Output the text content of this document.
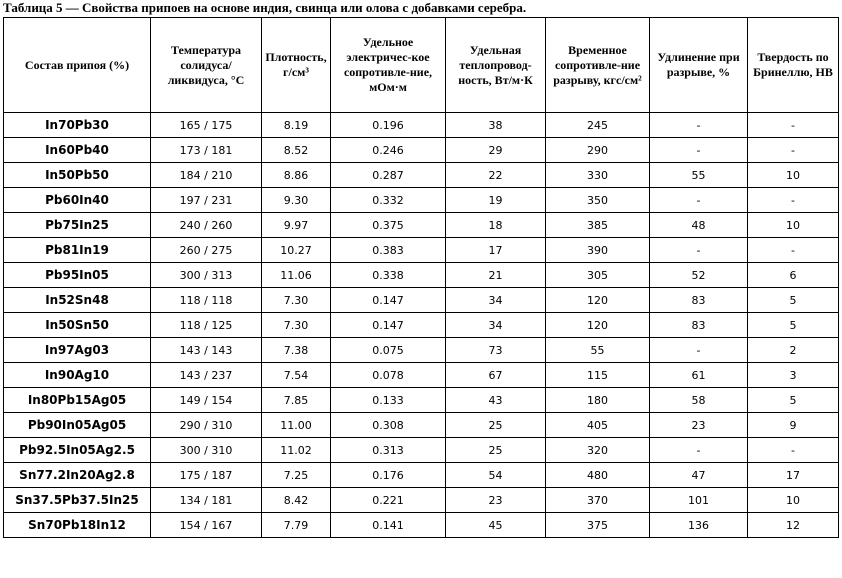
Таблица 5 — Свойства припоев на основе индия, свинца или олова с добавками серебра.
Состав припоя (%)	Температура солидуса/ ликвидуса, °C	Плотность, г/см³	Удельное электричес-кое сопротивле-ние, мОм·м	Удельная теплопровод-ность, Вт/м·К	Временное сопротивле-ние разрыву, кгс/см²	Удлинение при разрыве, %	Твердость по Бринеллю, HB
In70Pb30	165 / 175	8.19	0.196	38	245	-	-
In60Pb40	173 / 181	8.52	0.246	29	290	-	-
In50Pb50	184 / 210	8.86	0.287	22	330	55	10
Pb60In40	197 / 231	9.30	0.332	19	350	-	-
Pb75In25	240 / 260	9.97	0.375	18	385	48	10
Pb81In19	260 / 275	10.27	0.383	17	390	-	-
Pb95In05	300 / 313	11.06	0.338	21	305	52	6
In52Sn48	118 / 118	7.30	0.147	34	120	83	5
In50Sn50	118 / 125	7.30	0.147	34	120	83	5
In97Ag03	143 / 143	7.38	0.075	73	55	-	2
In90Ag10	143 / 237	7.54	0.078	67	115	61	3
In80Pb15Ag05	149 / 154	7.85	0.133	43	180	58	5
Pb90In05Ag05	290 / 310	11.00	0.308	25	405	23	9
Pb92.5In05Ag2.5	300 / 310	11.02	0.313	25	320	-	-
Sn77.2In20Ag2.8	175 / 187	7.25	0.176	54	480	47	17
Sn37.5Pb37.5In25	134 / 181	8.42	0.221	23	370	101	10
Sn70Pb18In12	154 / 167	7.79	0.141	45	375	136	12
